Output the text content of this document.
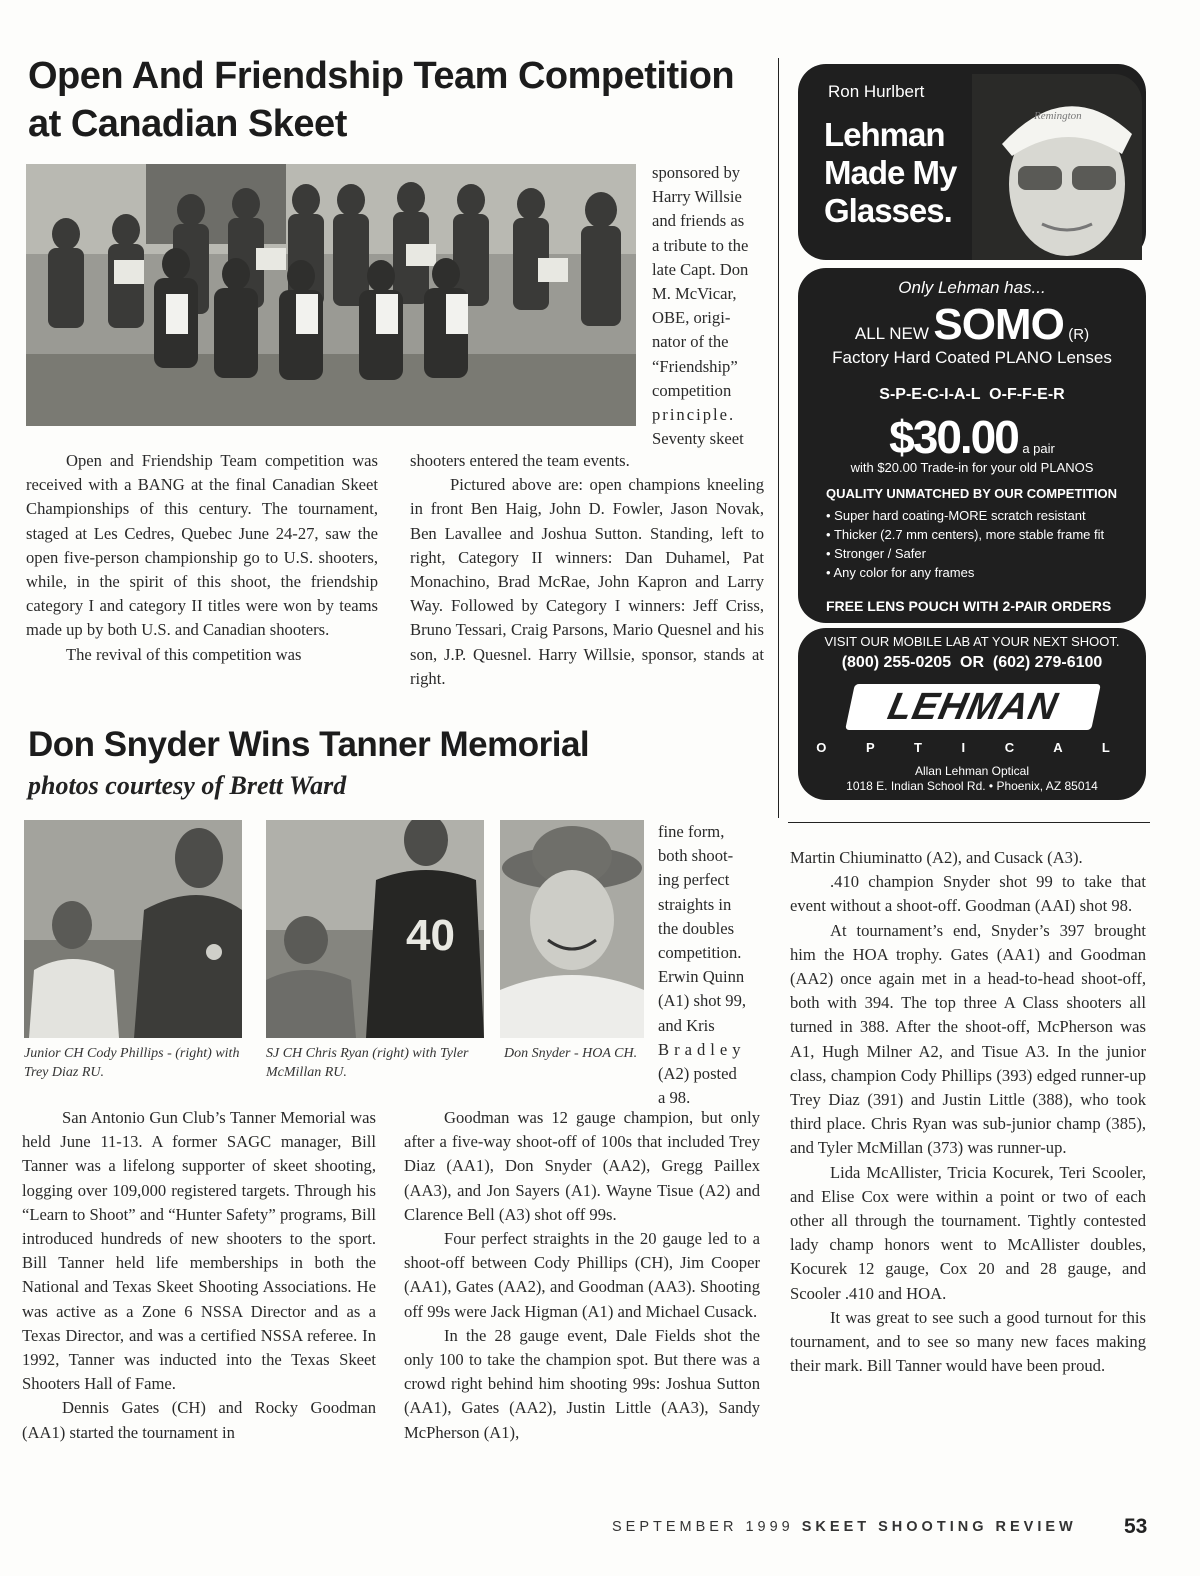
Open And Friendship Team Competition
at Canadian Skeet
sponsored by
Harry Willsie
and friends as
a tribute to the
late Capt. Don
M. McVicar,
OBE, origi-
nator of the
“Friendship”
competition
principle.
Seventy skeet

Open and Friendship Team competition was received with a BANG at the final Canadian Skeet Championships of this century. The tournament, staged at Les Cedres, Quebec June 24-27, saw the open five-person championship go to U.S. shooters, while, in the spirit of this shoot, the friendship category I and category II titles were won by teams made up by both U.S. and Canadian shooters.

The revival of this competition was

shooters entered the team events.

Pictured above are: open champions kneeling in front Ben Haig, John D. Fowler, Jason Novak, Ben Lavallee and Joshua Sutton. Standing, left to right, Category II winners: Dan Duhamel, Pat Monachino, Brad McRae, John Kapron and Larry Way. Followed by Category I winners: Jeff Criss, Bruno Tessari, Craig Parsons, Mario Quesnel and his son, J.P. Quesnel. Harry Willsie, sponsor, stands at right.

Don Snyder Wins Tanner Memorial
photos courtesy of Brett Ward
40
Junior CH Cody Phillips - (right) with Trey Diaz RU.
SJ CH Chris Ryan (right) with Tyler McMillan RU.
Don Snyder - HOA CH.
fine form,
both shoot-
ing perfect
straights in
the doubles
competition.
Erwin Quinn
(A1) shot 99,
and Kris
Bradley
(A2) posted
a 98.

San Antonio Gun Club’s Tanner Memorial was held June 11-13. A former SAGC manager, Bill Tanner was a lifelong supporter of skeet shooting, logging over 109,000 registered targets. Through his “Learn to Shoot” and “Hunter Safety” programs, Bill introduced hundreds of new shooters to the sport. Bill Tanner held life memberships in both the National and Texas Skeet Shooting Associations. He was active as a Zone 6 NSSA Director and as a Texas Director, and was a certified NSSA referee. In 1992, Tanner was inducted into the Texas Skeet Shooters Hall of Fame.

Dennis Gates (CH) and Rocky Goodman (AA1) started the tournament in

Goodman was 12 gauge champion, but only after a five-way shoot-off of 100s that included Trey Diaz (AA1), Don Snyder (AA2), Gregg Paillex (AA3), and Jon Sayers (A1). Wayne Tisue (A2) and Clarence Bell (A3) shot off 99s.

Four perfect straights in the 20 gauge led to a shoot-off between Cody Phillips (CH), Jim Cooper (AA1), Gates (AA2), and Goodman (AA3). Shooting off 99s were Jack Higman (A1) and Michael Cusack.

In the 28 gauge event, Dale Fields shot the only 100 to take the champion spot. But there was a crowd right behind him shooting 99s: Joshua Sutton (AA1), Gates (AA2), Justin Little (AA3), Sandy McPherson (A1),

Martin Chiuminatto (A2), and Cusack (A3).

.410 champion Snyder shot 99 to take that event without a shoot-off. Goodman (AAI) shot 98.

At tournament’s end, Snyder’s 397 brought him the HOA trophy. Gates (AA1) and Goodman (AA2) once again met in a head-to-head shoot-off, both with 394. The top three A Class shooters all turned in 388. After the shoot-off, McPherson was A1, Hugh Milner A2, and Tisue A3. In the junior class, champion Cody Phillips (393) edged runner-up Trey Diaz (391) and Justin Little (388), who took third place. Chris Ryan was sub-junior champ (385), and Tyler McMillan (373) was runner-up.

Lida McAllister, Tricia Kocurek, Teri Scooler, and Elise Cox were within a point or two of each other all through the tournament. Tightly contested lady champ honors went to McAllister doubles, Kocurek 12 gauge, Cox 20 and 28 gauge, and Scooler .410 and HOA.

It was great to see such a good turnout for this tournament, and to see so many new faces making their mark. Bill Tanner would have been proud.

Ron Hurlbert
Lehman
Made My
Glasses.
Remington
Only Lehman has...
ALL NEW SOMO (R)
Factory Hard Coated PLANO Lenses
S-P-E-C-I-A-L  O-F-F-E-R
$30.00 a pair
with $20.00 Trade-in for your old PLANOS
QUALITY UNMATCHED BY OUR COMPETITION
• Super hard coating-MORE scratch resistant
• Thicker (2.7 mm centers), more stable frame fit
• Stronger / Safer
• Any color for any frames
FREE LENS POUCH WITH 2-PAIR ORDERS
VISIT OUR MOBILE LAB AT YOUR NEXT SHOOT.
(800) 255-0205  OR  (602) 279-6100
LEHMAN
O P T I C A L
Allan Lehman Optical
1018 E. Indian School Rd. • Phoenix, AZ 85014
SEPTEMBER 1999 SKEET SHOOTING REVIEW 53
